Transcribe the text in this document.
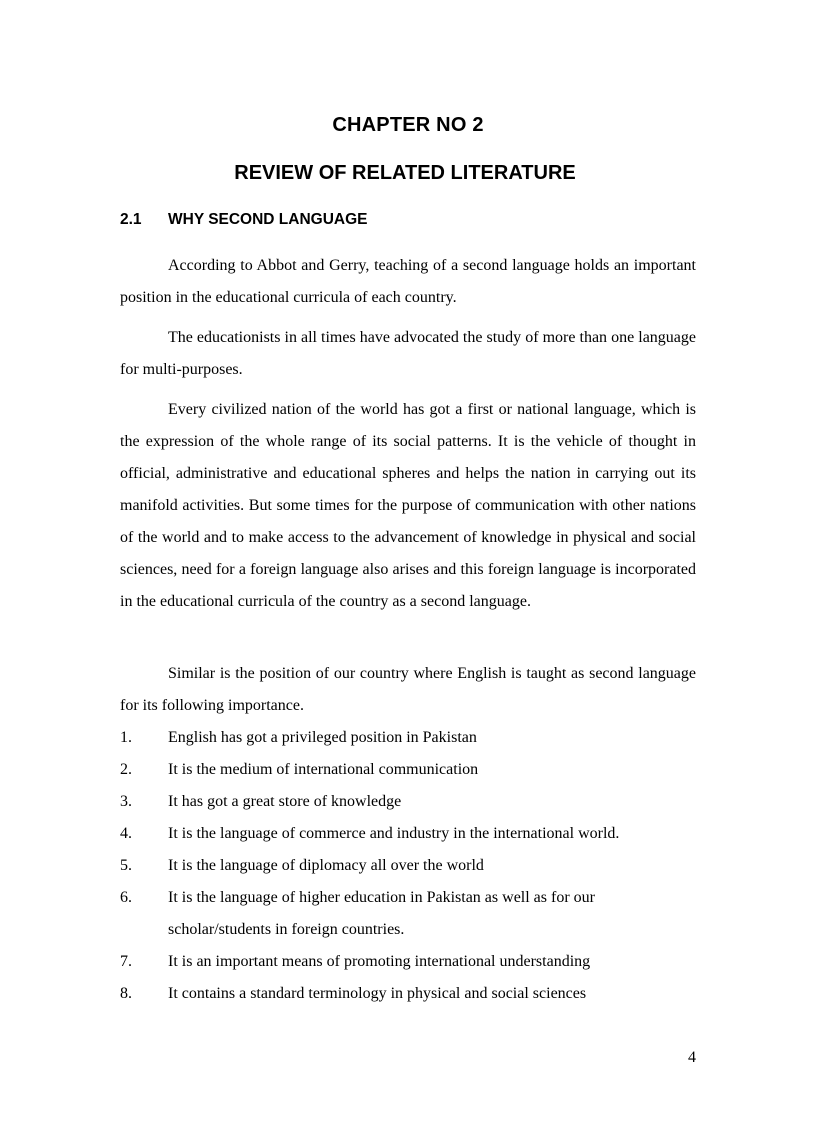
CHAPTER NO 2
REVIEW OF RELATED LITERATURE
2.1 WHY SECOND LANGUAGE

According to Abbot and Gerry, teaching of a second language holds an important position in the educational curricula of each country.

The educationists in all times have advocated the study of more than one language for multi-purposes.

Every civilized nation of the world has got a first or national language, which is the expression of the whole range of its social patterns. It is the vehicle of thought in official, administrative and educational spheres and helps the nation in carrying out its manifold activities. But some times for the purpose of communication with other nations of the world and to make access to the advancement of knowledge in physical and social sciences, need for a foreign language also arises and this foreign language is incorporated in the educational curricula of the country as a second language.

Similar is the position of our country where English is taught as second language for its following importance.

1.	English has got a privileged position in Pakistan
2.	It is the medium of international communication
3.	It has got a great store of knowledge
4.	It is the language of commerce and industry in the international world.
5.	It is the language of diplomacy all over the world
6.	It is the language of higher education in Pakistan as well as for our scholar/students in foreign countries.
7.	It is an important means of promoting international understanding
8.	It contains a standard terminology in physical and social sciences
4
